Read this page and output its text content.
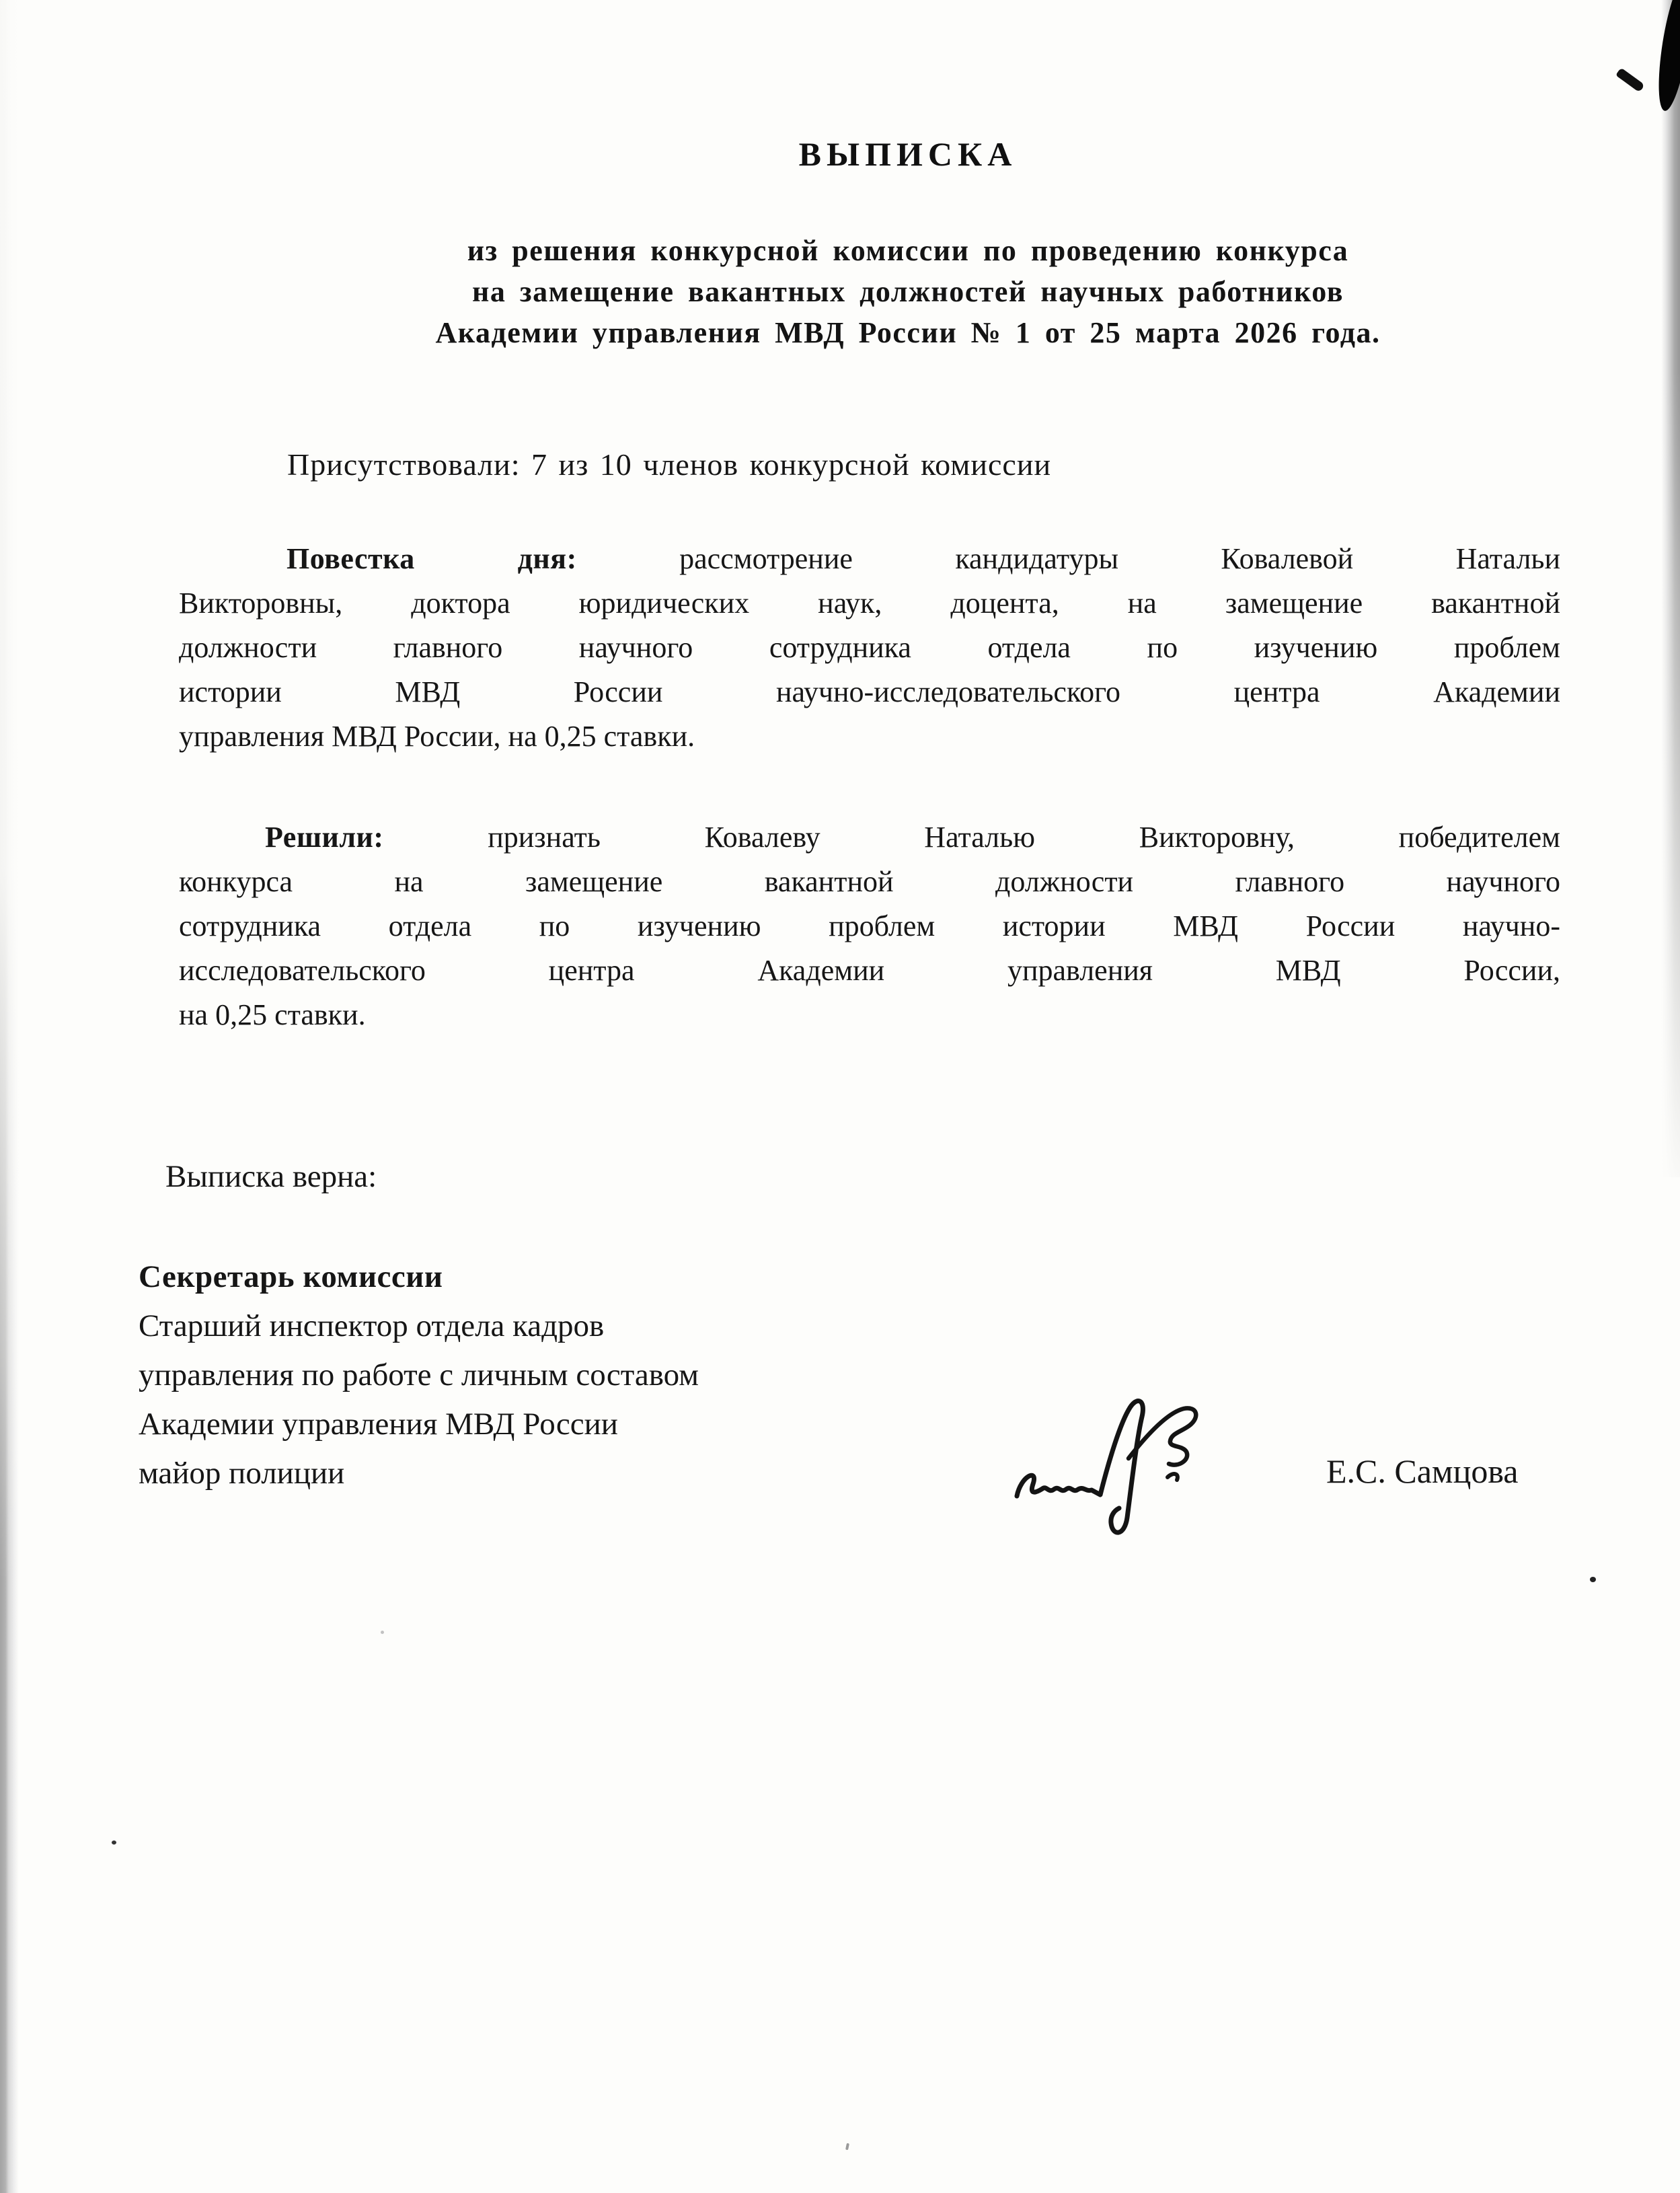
ВЫПИСКА
из решения конкурсной комиссии по проведению конкурса
на замещение вакантных должностей научных работников
Академии управления МВД России № 1 от 25 марта 2026 года.
Присутствовали: 7 из 10 членов конкурсной комиссии
Повестка дня:	рассмотрение кандидатуры Ковалевой Натальи
Викторовны, доктора юридических наук, доцента, на замещение вакантной
должности главного научного сотрудника отдела по изучению проблем
истории МВД России научно-исследовательского центра Академии
управления МВД России, на 0,25 ставки.
Решили:	признать Ковалеву Наталью Викторовну, победителем
конкурса на замещение вакантной должности главного научного
сотрудника отдела по изучению проблем истории МВД России научно-
исследовательского центра Академии управления МВД России,
на 0,25 ставки.
Выписка верна:
Секретарь комиссии
Старший инспектор отдела кадров
управления по работе с личным составом
Академии управления МВД России
майор полиции	Е.С. Самцова
